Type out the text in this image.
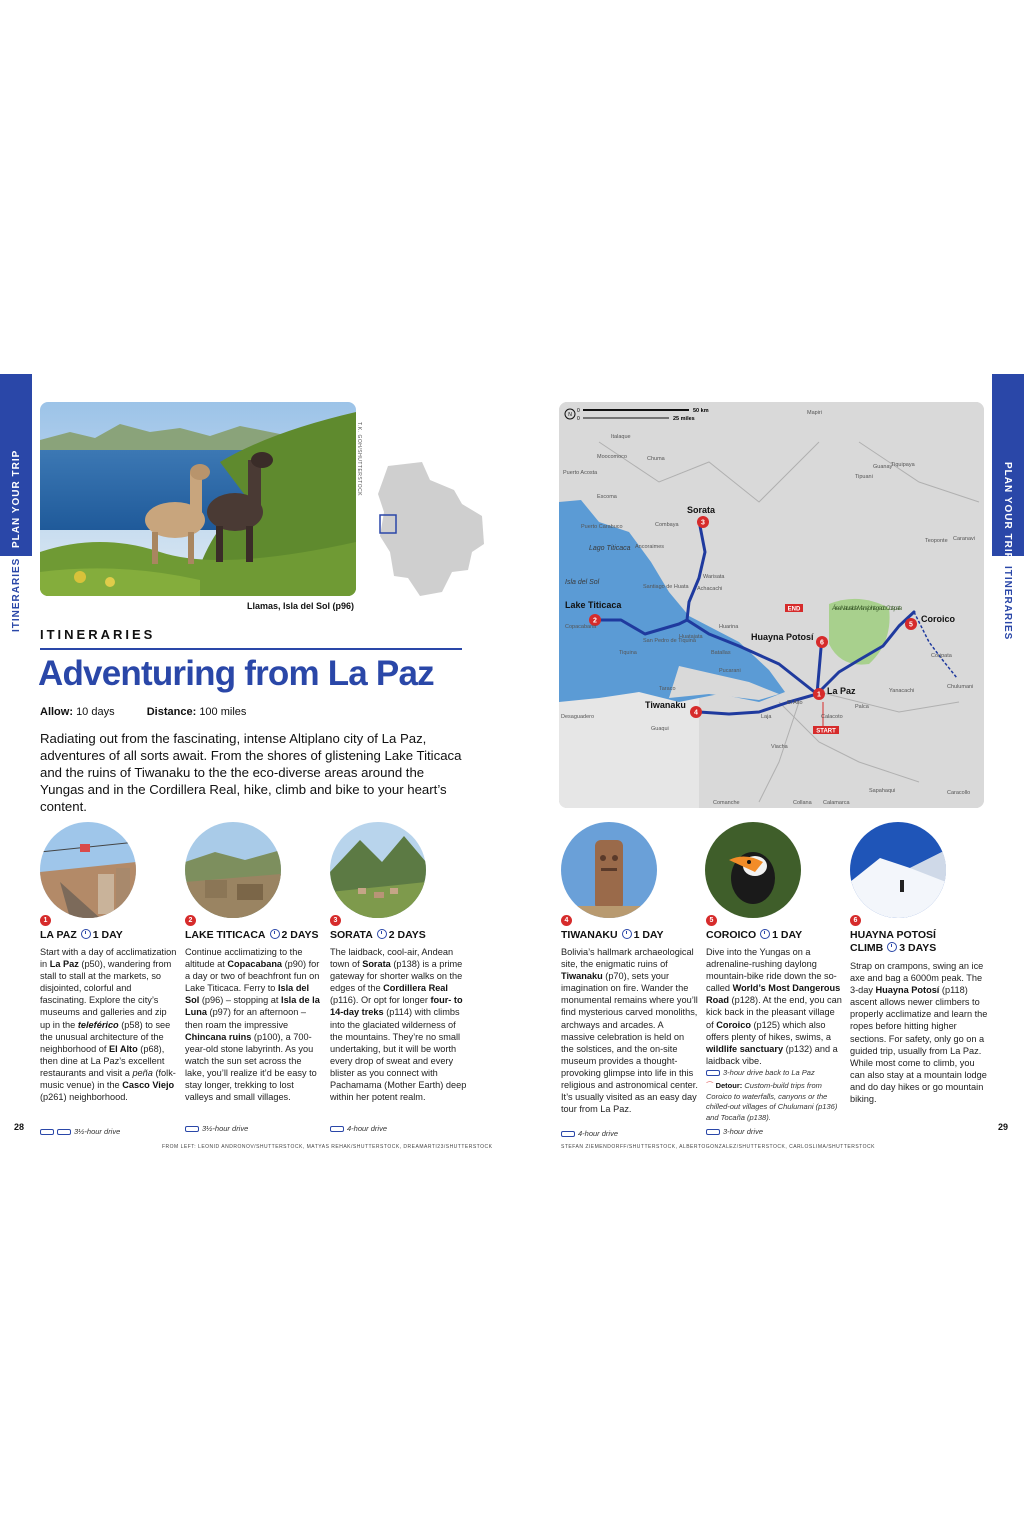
PLAN YOUR TRIP
ITINERARIES
T.K. GOH/SHUTTERSTOCK
Llamas, Isla del Sol (p96)
ITINERARIES
Adventuring from La Paz
Allow: 10 days	Distance: 100 miles

Radiating out from the fascinating, intense Altiplano city of La Paz, adventures of all sorts await. From the shores of glistening Lake Titicaca and the ruins of Tiwanaku to the the eco-diverse areas around the Yungas and in the Cordillera Real, hike, climb and bike to your heart’s content.

1
LA PAZ 1 DAY
Start with a day of acclimatization in La Paz (p50), wandering from stall to stall at the markets, so disjointed, colorful and fascinating. Explore the city’s museums and galleries and zip up in the teleférico (p58) to see the unusual architecture of the neighborhood of El Alto (p68), then dine at La Paz’s excellent restaurants and visit a peña (folk-music venue) in the Casco Viejo (p261) neighborhood.
3½-hour drive
2
LAKE TITICACA 2 DAYS
Continue acclimatizing to the altitude at Copacabana (p90) for a day or two of beachfront fun on Lake Titicaca. Ferry to Isla del Sol (p96) – stopping at Isla de la Luna (p97) for an afternoon – then roam the impressive Chincana ruins (p100), a 700-year-old stone labyrinth. As you watch the sun set across the lake, you’ll realize it’d be easy to stay longer, trekking to lost valleys and small villages.
3½-hour drive
3
SORATA 2 DAYS
The laidback, cool-air, Andean town of Sorata (p138) is a prime gateway for shorter walks on the edges of the Cordillera Real (p116). Or opt for longer four- to 14-day treks (p114) with climbs into the glaciated wilderness of the mountains. They’re no small undertaking, but it will be worth every drop of sweat and every blister as you connect with Pachamama (Mother Earth) deep within her potent realm.
4-hour drive
28
FROM LEFT: LEONID ANDRONOV/SHUTTERSTOCK, MATYAS REHAK/SHUTTERSTOCK, DREAMARTI23/SHUTTERSTOCK
PLAN YOUR TRIP
ITINERARIES
START
END
1
2
3
4
5
6
La Paz
Lake Titicaca
Sorata
Tiwanaku
Coroico
Huayna Potosí
Lago Titicaca
Isla del Sol
Área Natural de Manejo Integrado Cotapata
Mapiri
Italaque
Moocomoco	Chuma
Puerto Acosta
Escoma
Puerto Carabuco	Combaya
Ancoraimes
Santiago de Huata
Warisata
Achacachi
Huarina
Copacabana
San Pedro de Tiquina
Huatajata
Batallas
Pucarani
Tiquina
Taraco
Guaqui
Desaguadero
El Alto
Laja
Viacha
Calacoto
Palca
Yanacachi
Coripata
Chulumani
Caranavi
Guanay
Tipuani
Teoponte
Sapahaqui
Comanche	Collana Calamarca
Caracollo
Tiquipaya
N
0
0
50 km
25 miles
4
TIWANAKU 1 DAY
Bolivia’s hallmark archaeological site, the enigmatic ruins of Tiwanaku (p70), sets your imagination on fire. Wander the monumental remains where you’ll find mysterious carved monoliths, archways and arcades. A massive celebration is held on the solstices, and the on-site museum provides a thought-provoking glimpse into life in this religious and astronomical center. It’s usually visited as an easy day tour from La Paz.
4-hour drive
5
COROICO 1 DAY
Dive into the Yungas on a adrenaline-rushing daylong mountain-bike ride down the so-called World’s Most Dangerous Road (p128). At the end, you can kick back in the pleasant village of Coroico (p125) which also offers plenty of hikes, swims, a wildlife sanctuary (p132) and a laidback vibe.
3-hour drive back to La Paz
⌒ Detour: Custom-build trips from Coroico to waterfalls, canyons or the chilled-out villages of Chulumani (p136) and Tocaña (p138).
3-hour drive
6
HUAYNA POTOSÍ
CLIMB 3 DAYS
Strap on crampons, swing an ice axe and bag a 6000m peak. The 3-day Huayna Potosí (p118) ascent allows newer climbers to properly acclimatize and learn the ropes before hitting higher sections. For safety, only go on a guided trip, usually from La Paz. While most come to climb, you can also stay at a mountain lodge and do day hikes or go mountain biking.
29
STEFAN ZIEMENDORFF/SHUTTERSTOCK, ALBERTOGONZALEZ/SHUTTERSTOCK, CARLOSLIMA/SHUTTERSTOCK
